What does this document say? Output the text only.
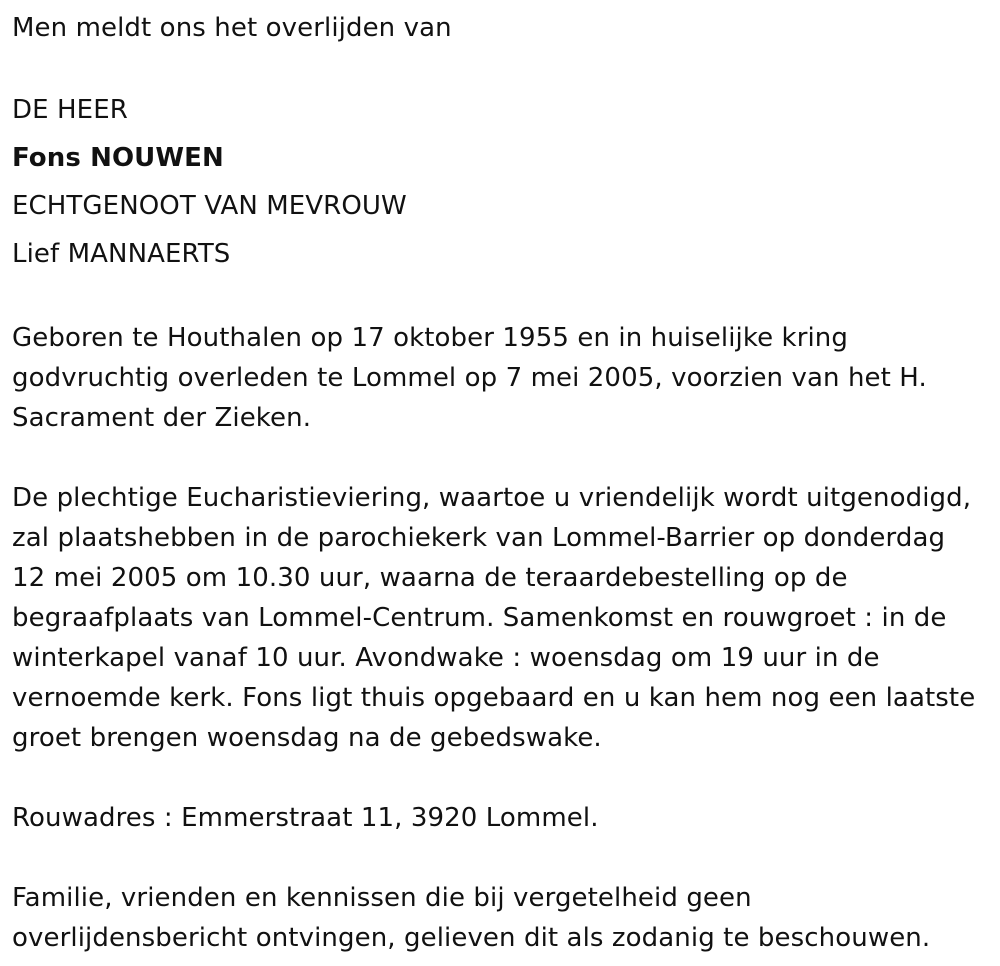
Men meldt ons het overlijden van
DE HEER
Fons NOUWEN
ECHTGENOOT VAN MEVROUW
Lief MANNAERTS
Geboren te Houthalen op 17 oktober 1955 en in huiselijke kring
godvruchtig overleden te Lommel op 7 mei 2005, voorzien van het H.
Sacrament der Zieken.
De plechtige Eucharistieviering, waartoe u vriendelijk wordt uitgenodigd,
zal plaatshebben in de parochiekerk van Lommel-Barrier op donderdag
12 mei 2005 om 10.30 uur, waarna de teraardebestelling op de
begraafplaats van Lommel-Centrum. Samenkomst en rouwgroet : in de
winterkapel vanaf 10 uur. Avondwake : woensdag om 19 uur in de
vernoemde kerk. Fons ligt thuis opgebaard en u kan hem nog een laatste
groet brengen woensdag na de gebedswake.
Rouwadres : Emmerstraat 11, 3920 Lommel.
Familie, vrienden en kennissen die bij vergetelheid geen
overlijdensbericht ontvingen, gelieven dit als zodanig te beschouwen.
